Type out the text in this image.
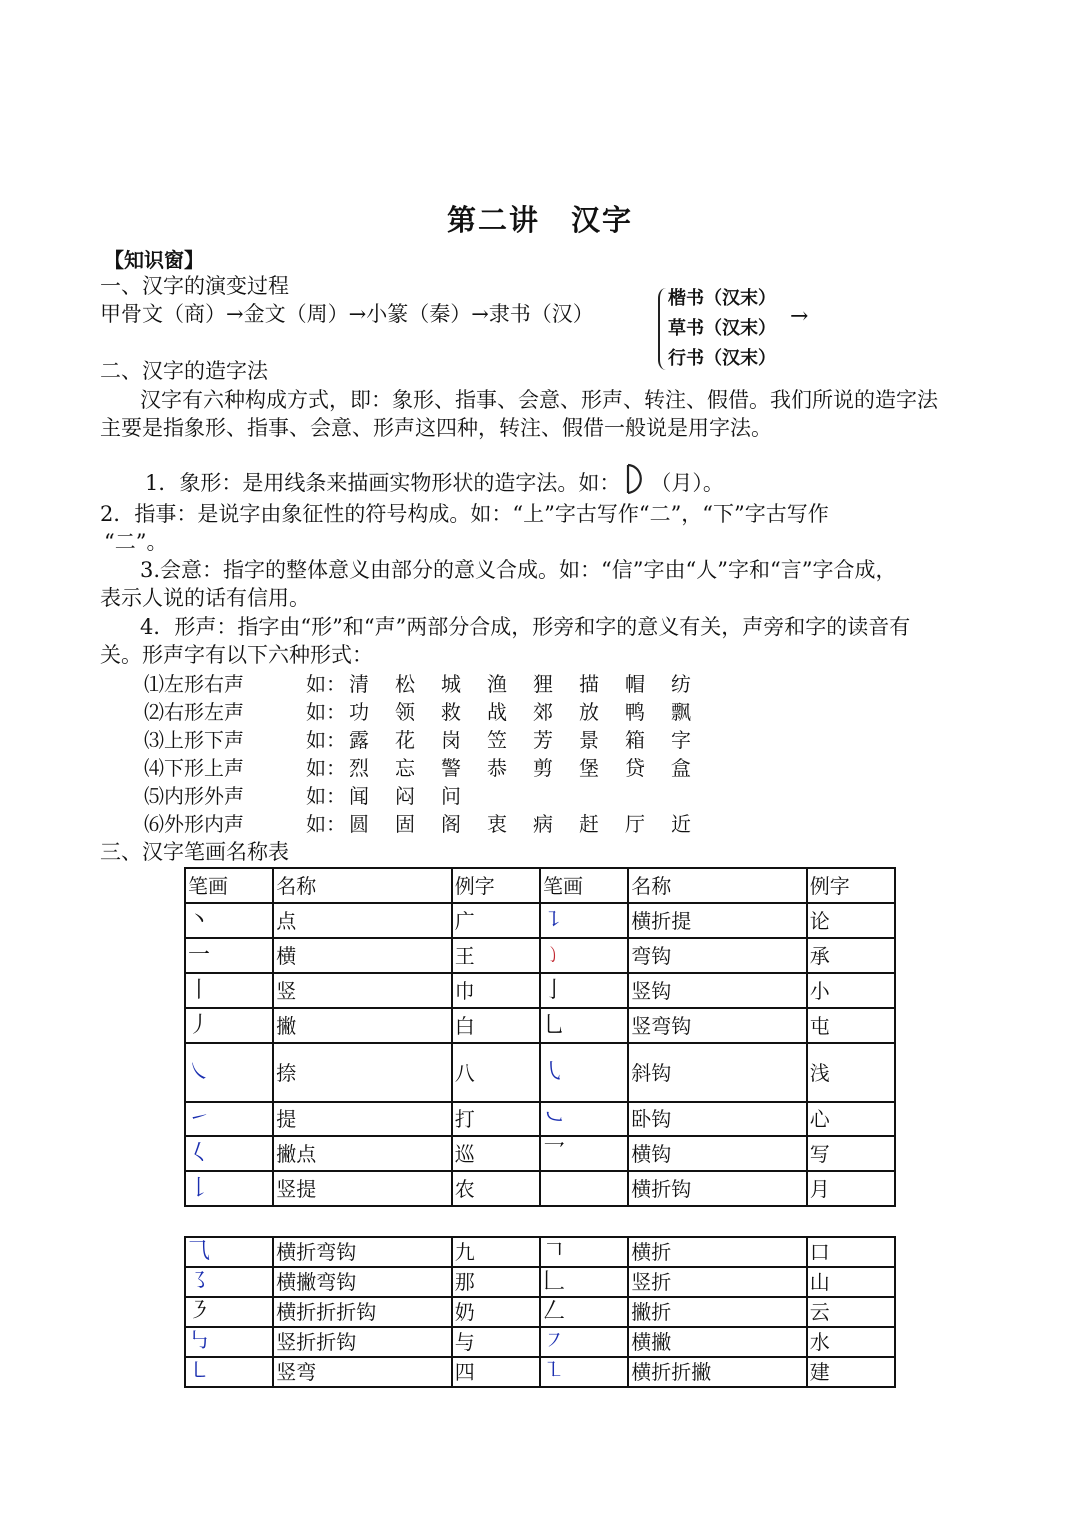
第二讲　汉字
【知识窗】
一、汉字的演变过程
甲骨文（商）→金文（周）→小篆（秦）→隶书（汉）
楷书（汉末）
草书（汉末）
行书（汉末）
→
二、汉字的造字法
汉字有六种构成方式，即：象形、指事、会意、形声、转注、假借。我们所说的造字法
主要是指象形、指事、会意、形声这四种，转注、假借一般说是用字法。
1．象形：是用线条来描画实物形状的造字法。如： （月）。
2．指事：是说字由象征性的符号构成。如：“上”字古写作“二”，“下”字古写作
“二”。
3.会意：指字的整体意义由部分的意义合成。如：“信”字由“人”字和“言”字合成，
表示人说的话有信用。
4．形声：指字由“形”和“声”两部分合成，形旁和字的意义有关，声旁和字的读音有
关。形声字有以下六种形式：
⑴左形右声	如： 清 松 城 渔 狸 描 帽 纺
⑵右形左声	如： 功 领 救 战 郊 放 鸭 飘
⑶上形下声	如： 露 花 岗 笠 芳 景 箱 字
⑷下形上声	如： 烈 忘 警 恭 剪 堡 贷 盒
⑸内形外声	如： 闻 闷 问
⑹外形内声	如： 圆 固 阁 衷 病 赶 厅 近
三、汉字笔画名称表
笔画	名称	例字	笔画	名称	例字
丶	点	广	㇊	横折提	论
一	横	王	㇁	弯钩	承
丨	竖	巾	亅	竖钩	小
丿	撇	白	乚	竖弯钩	屯
㇏	捺	八	㇂	斜钩	浅
㇀	提	打	㇃	卧钩	心
𡿨	撇点	巡	乛	横钩	写
𠄌	竖提	农		横折钩	月
⺄	横折弯钩	九	𠃍	横折	口
㇌	横撇弯钩	那	𠃊	竖折	山
㇋	横折折折钩	奶	𠃋	撇折	云
㇉	竖折折钩	与	㇇	横撇	水
㇄	竖弯	四	㇅	横折折撇	建
